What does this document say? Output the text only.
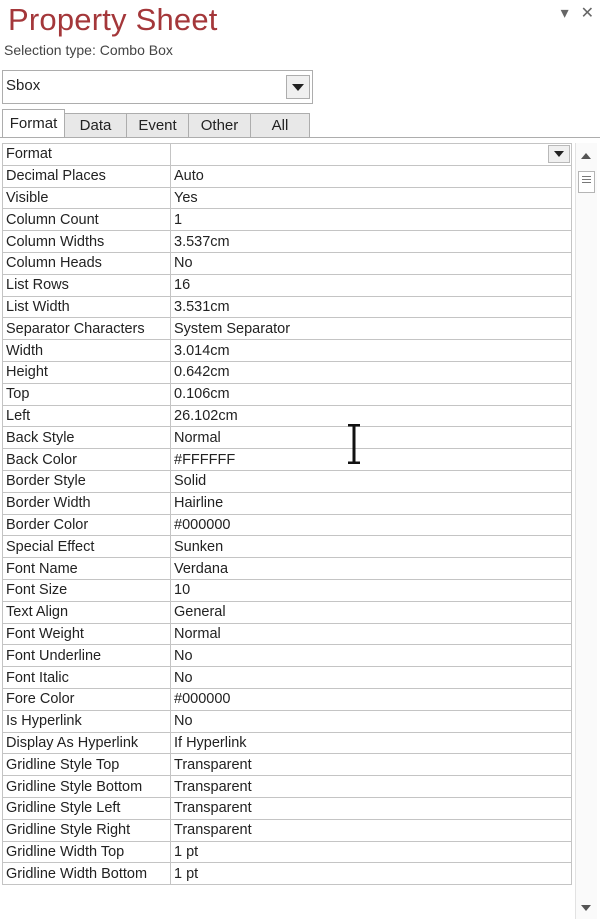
Property Sheet	▾ ✕
Selection type: Combo Box
Sbox
Format	Data	Event	Other	All
Format	

Decimal Places	Auto
Visible	Yes
Column Count	1
Column Widths	3.537cm
Column Heads	No
List Rows	16
List Width	3.531cm
Separator Characters	System Separator
Width	3.014cm
Height	0.642cm
Top	0.106cm
Left	26.102cm
Back Style	Normal
Back Color	#FFFFFF
Border Style	Solid
Border Width	Hairline
Border Color	#000000
Special Effect	Sunken
Font Name	Verdana
Font Size	10
Text Align	General
Font Weight	Normal
Font Underline	No
Font Italic	No
Fore Color	#000000
Is Hyperlink	No
Display As Hyperlink	If Hyperlink
Gridline Style Top	Transparent
Gridline Style Bottom	Transparent
Gridline Style Left	Transparent
Gridline Style Right	Transparent
Gridline Width Top	1 pt
Gridline Width Bottom	1 pt
